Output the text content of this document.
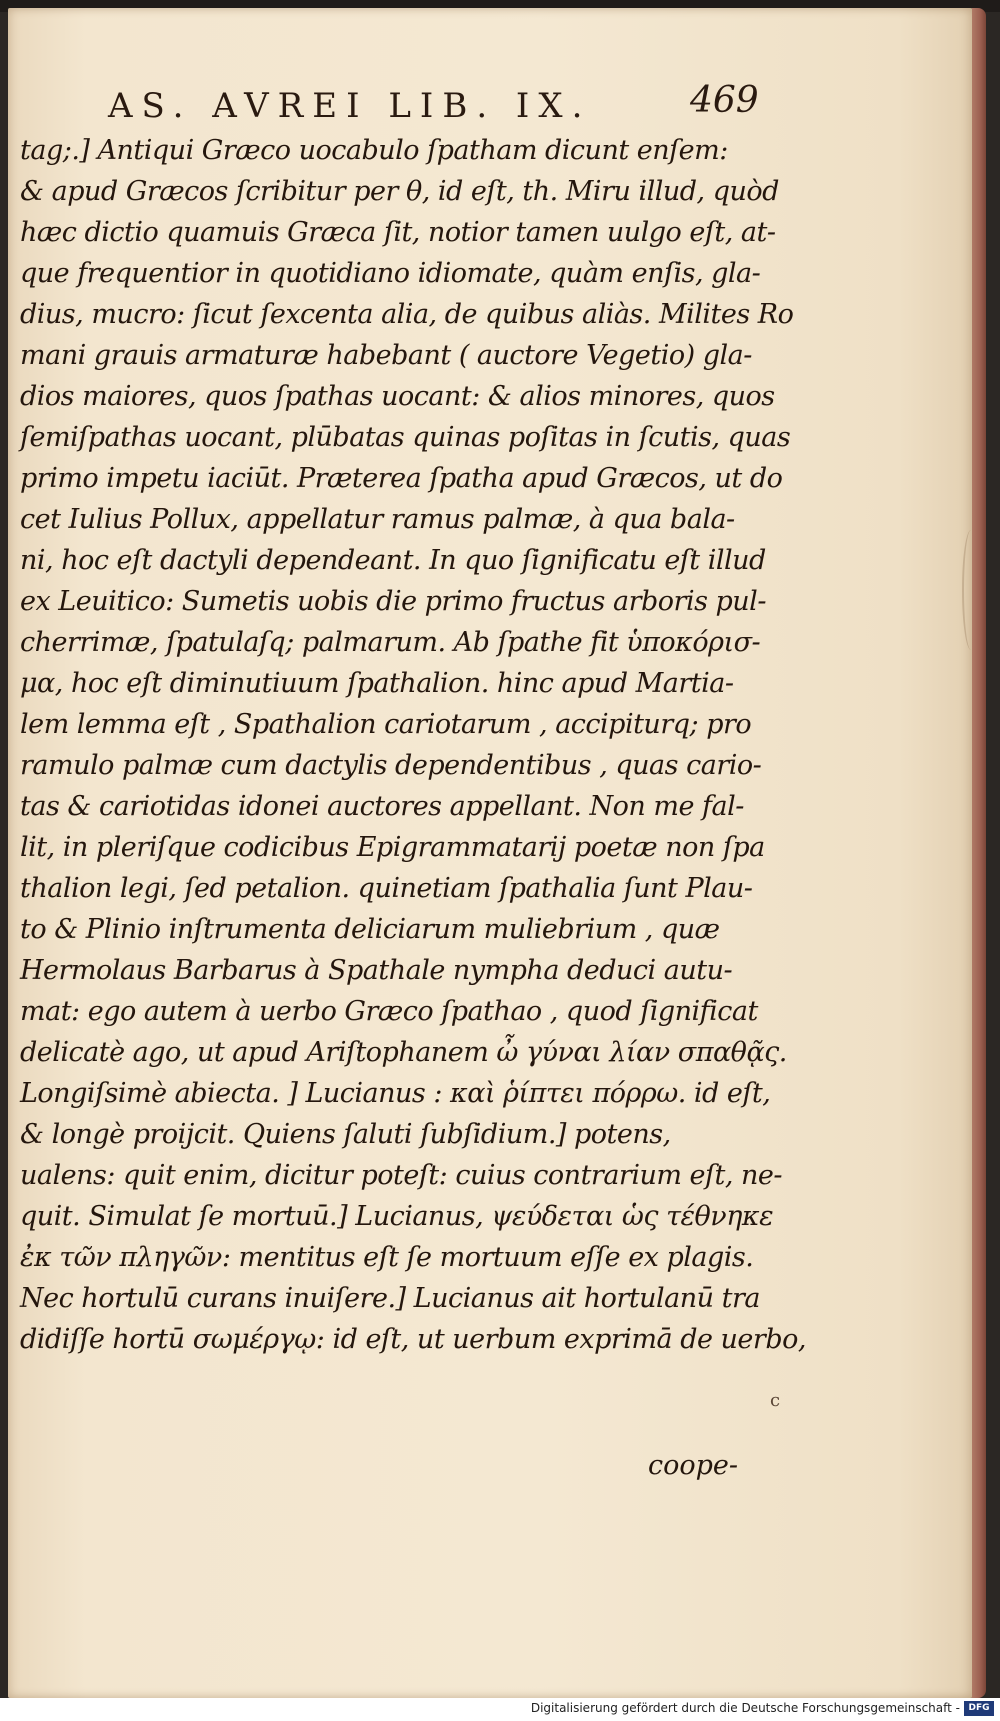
AS. AVREI LIB. IX.	469
tag;.] Antiqui Græco uocabulo ſpatham dicunt enſem:
& apud Græcos ſcribitur per θ, id eſt, th. Miru illud, quòd
hæc dictio quamuis Græca ſit, notior tamen uulgo eſt, at-
que frequentior in quotidiano idiomate, quàm enſis, gla-
dius, mucro: ſicut ſexcenta alia, de quibus aliàs. Milites Ro
mani grauis armaturæ habebant ( auctore Vegetio) gla-
dios maiores, quos ſpathas uocant: & alios minores, quos
ſemiſpathas uocant, plūbatas quinas poſitas in ſcutis, quas
primo impetu iaciūt. Præterea ſpatha apud Græcos, ut do
cet Iulius Pollux, appellatur ramus palmæ, à qua bala-
ni, hoc eſt dactyli dependeant. In quo ſignificatu eſt illud
ex Leuitico: Sumetis uobis die primo fructus arboris pul-
cherrimæ, ſpatulaſq; palmarum. Ab ſpathe fit ὑποκόρισ-
μα, hoc eſt diminutiuum ſpathalion. hinc apud Martia-
lem lemma eſt , Spathalion cariotarum , accipiturq; pro
ramulo palmæ cum dactylis dependentibus , quas cario-
tas & cariotidas idonei auctores appellant. Non me fal-
lit, in pleriſque codicibus Epigrammatarij poetæ non ſpa
thalion legi, ſed petalion. quinetiam ſpathalia ſunt Plau-
to & Plinio inſtrumenta deliciarum muliebrium , quæ
Hermolaus Barbarus à Spathale nympha deduci autu-
mat: ego autem à uerbo Græco ſpathao , quod ſignificat
delicatè ago, ut apud Ariſtophanem ὦ γύναι λίαν σπαθᾷς.
Longiſsimè abiecta. ] Lucianus : καὶ ῥίπτει πόρρω. id eſt,
& longè proijcit. Quiens ſaluti ſubſidium.] potens,
ualens: quit enim, dicitur poteſt: cuius contrarium eſt, ne-
quit. Simulat ſe mortuū.] Lucianus, ψεύδεται ὡς τέθνηκε
ἐκ τῶν πληγῶν: mentitus eſt ſe mortuum eſſe ex plagis.
Nec hortulū curans inuiſere.] Lucianus ait hortulanū tra
didiſſe hortū σωμέργῳ: id eſt, ut uerbum exprimā de uerbo,
c
coope-
Digitalisierung gefördert durch die Deutsche Forschungsgemeinschaft - DFG
